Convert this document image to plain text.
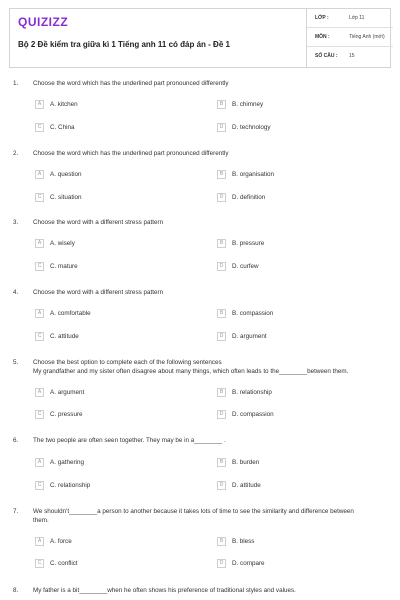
QUIZIZZ
Bộ 2 Đề kiểm tra giữa kì 1 Tiếng anh 11 có đáp án - Đề 1
LỚP :	Lớp 11
MÔN :	Tiếng Anh (mới)
SỐ CÂU : 15
1. Choose the word which has the underlined part pronounced differently
A	A. kitchen	B	B. chimney
C	C. China	D	D. technology
2. Choose the word which has the underlined part pronounced differently
A	A. question	B	B. organisation
C	C. situation	D	D. definition
3. Choose the word with a different stress pattern
A	A. wisely	B	B. pressure
C	C. mature	D	D. curfew
4. Choose the word with a different stress pattern
A	A. comfortable	B	B. compassion
C	C. attitude	D	D. argument
5. Choose the best option to complete each of the following sentences
My grandfather and my sister often disagree about many things, which often leads to the________between them.
A	A. argument	B	B. relationship
C	C. pressure	D	D. compassion
6. The two people are often seen together. They may be in a________ .
A	A. gathering	B	B. burden
C	C. relationship	D	D. attitude
7. We shouldn't________a person to another because it takes lots of time to see the similarity and difference between
them.
A	A. force	B	B. bless
C	C. conflict	D	D. compare
8. My father is a bit________when he often shows his preference of traditional styles and values.
